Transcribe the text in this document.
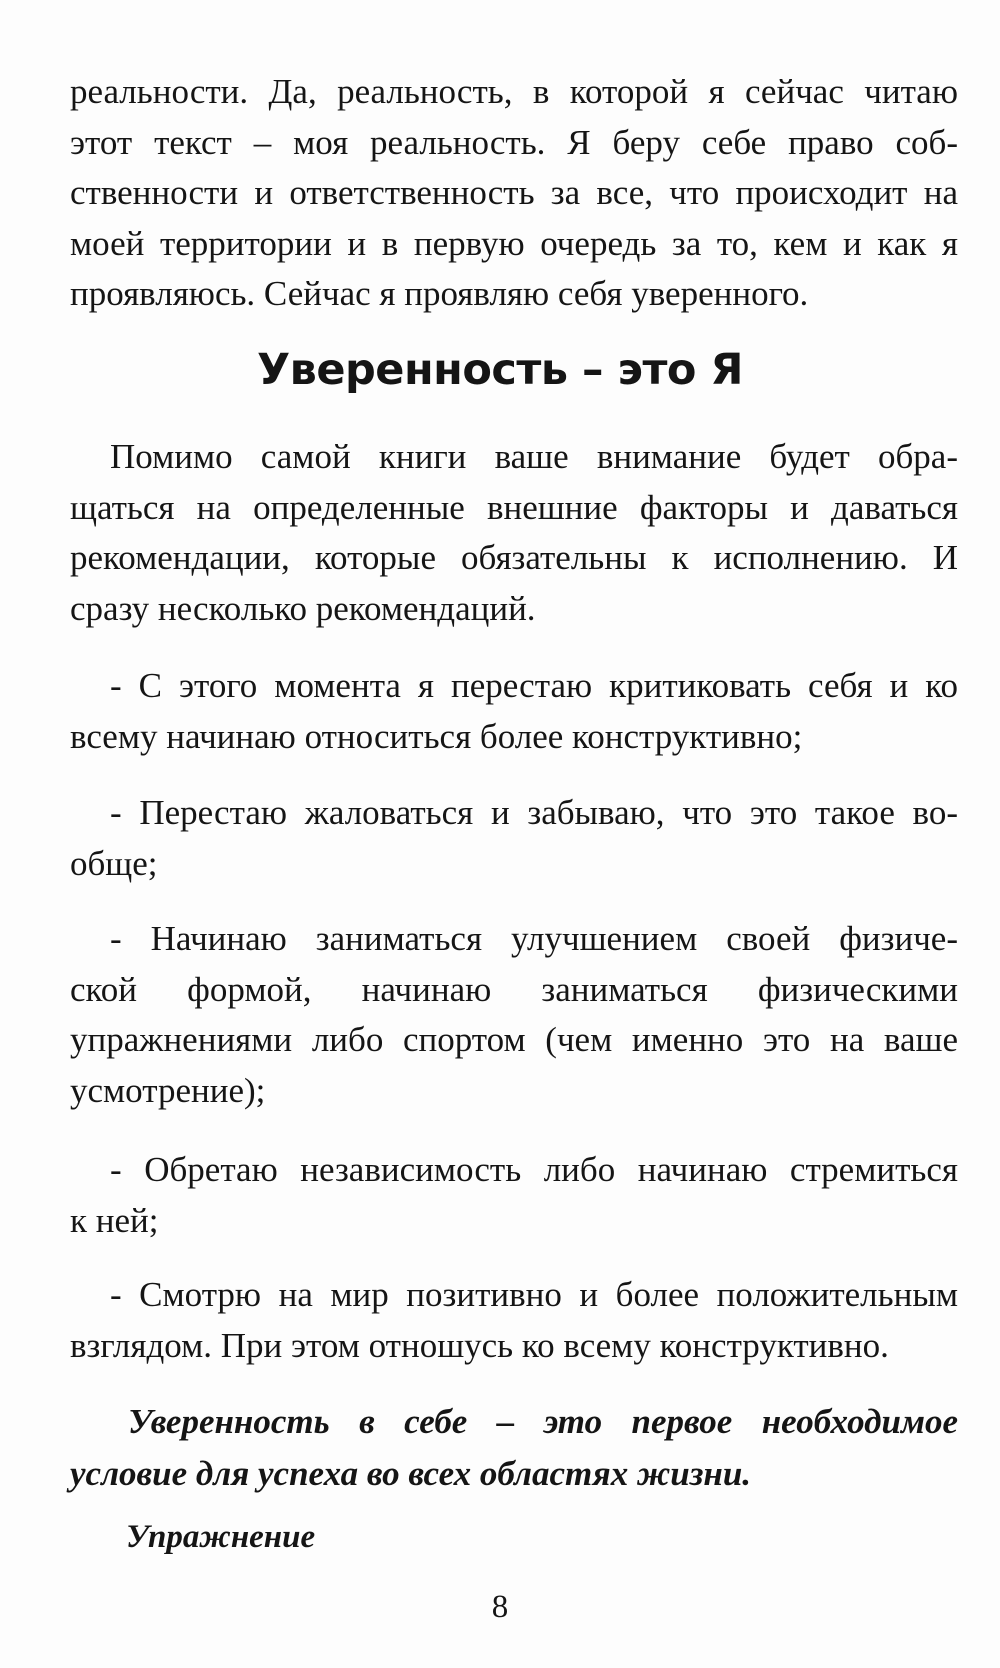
реальности. Да, реальность, в которой я сейчас читаю
этот текст – моя реальность. Я беру себе право соб-
ственности и ответственность за все, что происходит на
моей территории и в первую очередь за то, кем и как я
проявляюсь. Сейчас я проявляю себя уверенного.
Уверенность – это Я
Помимо самой книги ваше внимание будет обра-
щаться на определенные внешние факторы и даваться
рекомендации, которые обязательны к исполнению. И
сразу несколько рекомендаций.
- С этого момента я перестаю критиковать себя и ко
всему начинаю относиться более конструктивно;
- Перестаю жаловаться и забываю, что это такое во-
обще;
- Начинаю заниматься улучшением своей физиче-
ской формой, начинаю заниматься физическими
упражнениями либо спортом (чем именно это на ваше
усмотрение);
- Обретаю независимость либо начинаю стремиться
к ней;
- Смотрю на мир позитивно и более положительным
взглядом. При этом отношусь ко всему конструктивно.
Уверенность в себе – это первое необходимое
условие для успеха во всех областях жизни.
Упражнение
8
